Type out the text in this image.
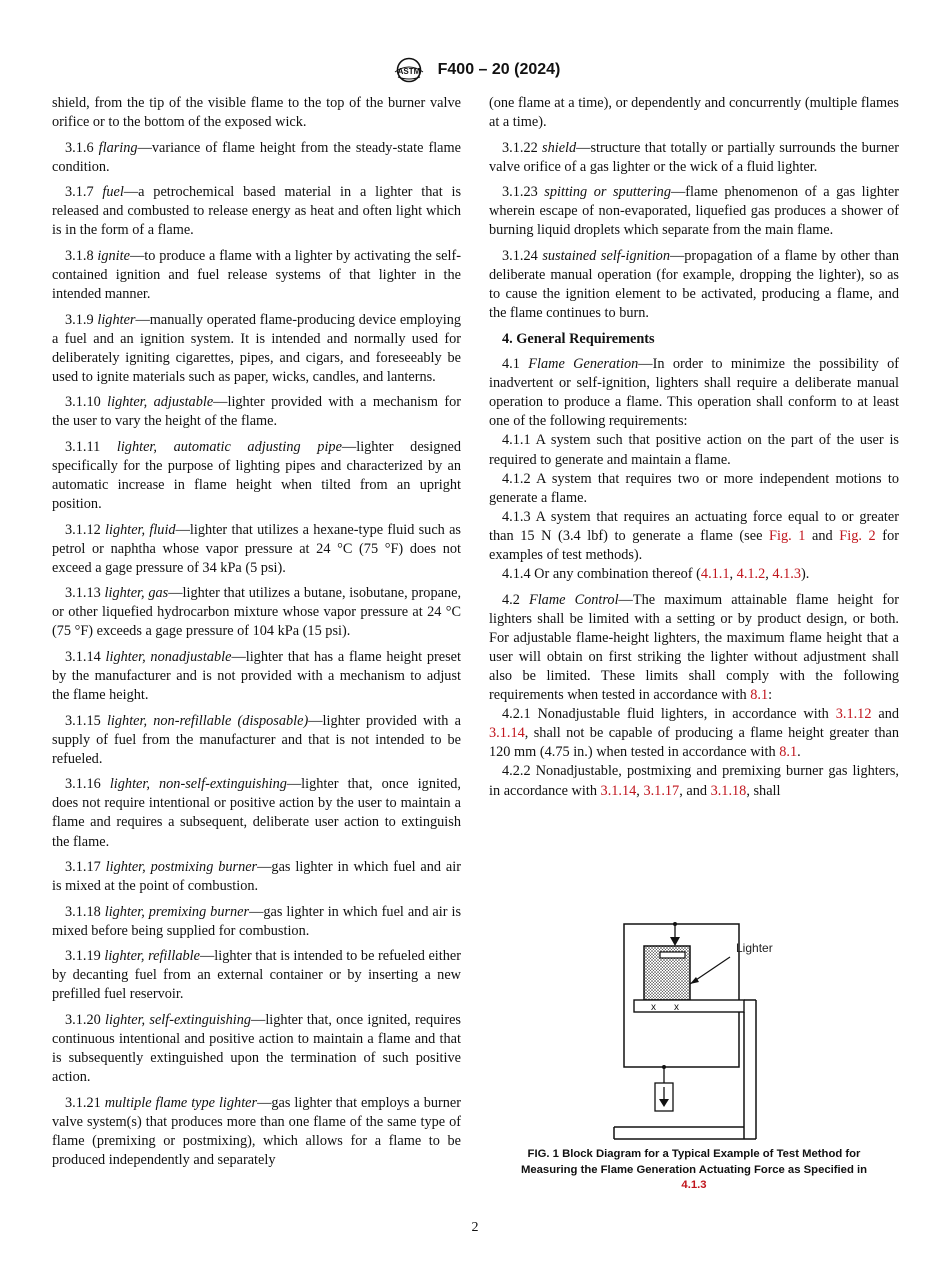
ASTM F400 – 20 (2024)

shield, from the tip of the visible flame to the top of the burner valve orifice or to the bottom of the exposed wick.

3.1.6 flaring—variance of flame height from the steady-state flame condition.

3.1.7 fuel—a petrochemical based material in a lighter that is released and combusted to release energy as heat and often light which is in the form of a flame.

3.1.8 ignite—to produce a flame with a lighter by activating the self-contained ignition and fuel release systems of that lighter in the intended manner.

3.1.9 lighter—manually operated flame-producing device employing a fuel and an ignition system. It is intended and normally used for deliberately igniting cigarettes, pipes, and cigars, and foreseeably be used to ignite materials such as paper, wicks, candles, and lanterns.

3.1.10 lighter, adjustable—lighter provided with a mechanism for the user to vary the height of the flame.

3.1.11 lighter, automatic adjusting pipe—lighter designed specifically for the purpose of lighting pipes and characterized by an automatic increase in flame height when tilted from an upright position.

3.1.12 lighter, fluid—lighter that utilizes a hexane-type fluid such as petrol or naphtha whose vapor pressure at 24 °C (75 °F) does not exceed a gage pressure of 34 kPa (5 psi).

3.1.13 lighter, gas—lighter that utilizes a butane, isobutane, propane, or other liquefied hydrocarbon mixture whose vapor pressure at 24 °C (75 °F) exceeds a gage pressure of 104 kPa (15 psi).

3.1.14 lighter, nonadjustable—lighter that has a flame height preset by the manufacturer and is not provided with a mechanism to adjust the flame height.

3.1.15 lighter, non-refillable (disposable)—lighter provided with a supply of fuel from the manufacturer and that is not intended to be refueled.

3.1.16 lighter, non-self-extinguishing—lighter that, once ignited, does not require intentional or positive action by the user to maintain a flame and requires a subsequent, deliberate user action to extinguish the flame.

3.1.17 lighter, postmixing burner—gas lighter in which fuel and air is mixed at the point of combustion.

3.1.18 lighter, premixing burner—gas lighter in which fuel and air is mixed before being supplied for combustion.

3.1.19 lighter, refillable—lighter that is intended to be refueled either by decanting fuel from an external container or by inserting a new prefilled fuel reservoir.

3.1.20 lighter, self-extinguishing—lighter that, once ignited, requires continuous intentional and positive action to maintain a flame and that is subsequently extinguished upon the termination of such positive action.

3.1.21 multiple flame type lighter—gas lighter that employs a burner valve system(s) that produces more than one flame of the same type of flame (premixing or postmixing), which allows for a flame to be produced independently and separately

(one flame at a time), or dependently and concurrently (multiple flames at a time).

3.1.22 shield—structure that totally or partially surrounds the burner valve orifice of a gas lighter or the wick of a fluid lighter.

3.1.23 spitting or sputtering—flame phenomenon of a gas lighter wherein escape of non-evaporated, liquefied gas produces a shower of burning liquid droplets which separate from the main flame.

3.1.24 sustained self-ignition—propagation of a flame by other than deliberate manual operation (for example, dropping the lighter), so as to cause the ignition element to be activated, producing a flame, and the flame continues to burn.

4. General Requirements

4.1 Flame Generation—In order to minimize the possibility of inadvertent or self-ignition, lighters shall require a deliberate manual operation to produce a flame. This operation shall conform to at least one of the following requirements:

4.1.1 A system such that positive action on the part of the user is required to generate and maintain a flame.

4.1.2 A system that requires two or more independent motions to generate a flame.

4.1.3 A system that requires an actuating force equal to or greater than 15 N (3.4 lbf) to generate a flame (see Fig. 1 and Fig. 2 for examples of test methods).

4.1.4 Or any combination thereof (4.1.1, 4.1.2, 4.1.3).

4.2 Flame Control—The maximum attainable flame height for lighters shall be limited with a setting or by product design, or both. For adjustable flame-height lighters, the maximum flame height that a user will obtain on first striking the lighter without adjustment shall also be limited. These limits shall comply with the following requirements when tested in accordance with 8.1:

4.2.1 Nonadjustable fluid lighters, in accordance with 3.1.12 and 3.1.14, shall not be capable of producing a flame height greater than 120 mm (4.75 in.) when tested in accordance with 8.1.

4.2.2 Nonadjustable, postmixing and premixing burner gas lighters, in accordance with 3.1.14, 3.1.17, and 3.1.18, shall

x x
Lighter
FIG. 1 Block Diagram for a Typical Example of Test Method for
Measuring the Flame Generation Actuating Force as Specified in
4.1.3
2
